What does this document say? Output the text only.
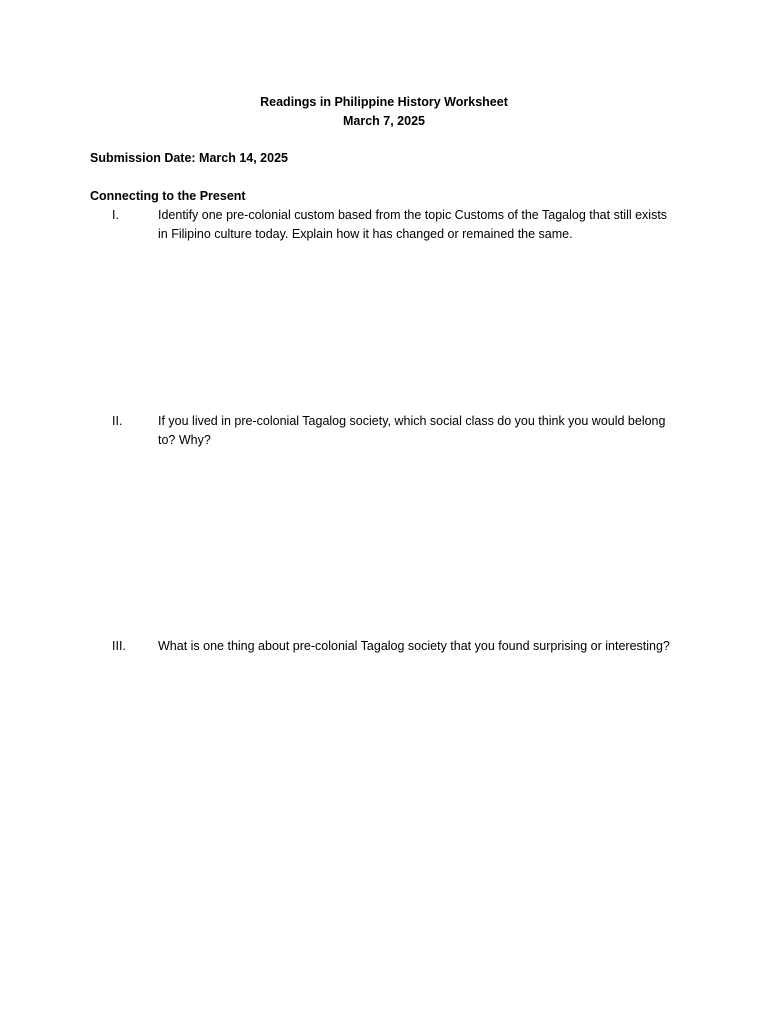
Readings in Philippine History Worksheet
March 7, 2025
Submission Date: March 14, 2025
Connecting to the Present
I.	Identify one pre-colonial custom based from the topic Customs of the Tagalog that still exists in Filipino culture today. Explain how it has changed or remained the same.
II.	If you lived in pre-colonial Tagalog society, which social class do you think you would belong to? Why?
III.	What is one thing about pre-colonial Tagalog society that you found surprising or interesting?
